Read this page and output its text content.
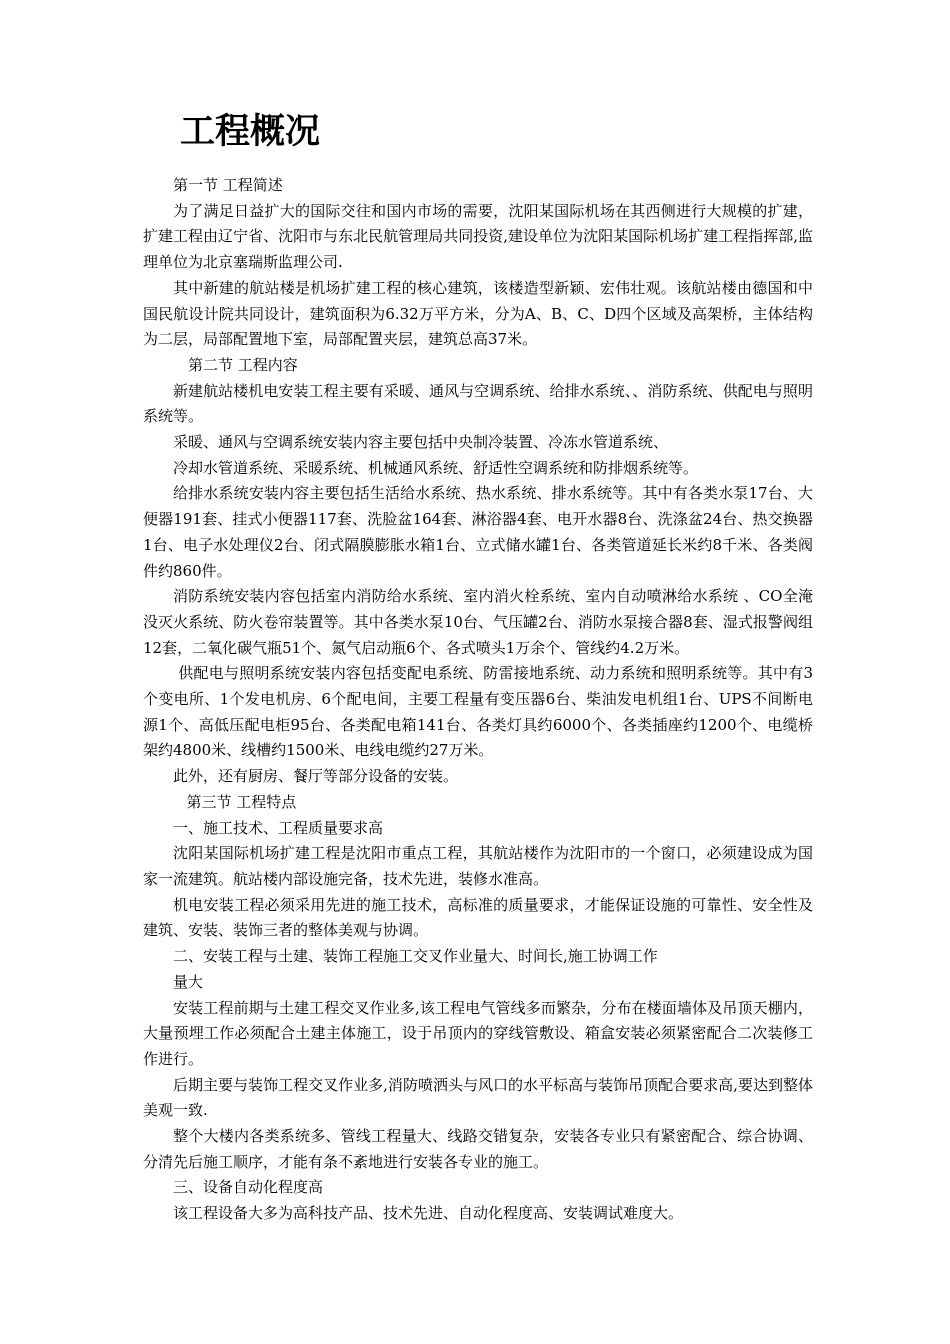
工程概况

第一节 工程简述

为了满足日益扩大的国际交往和国内市场的需要，沈阳某国际机场在其西侧进行大规模的扩建，扩建工程由辽宁省、沈阳市与东北民航管理局共同投资,建设单位为沈阳某国际机场扩建工程指挥部,监理单位为北京塞瑞斯监理公司.

其中新建的航站楼是机场扩建工程的核心建筑，该楼造型新颖、宏伟壮观。该航站楼由德国和中国民航设计院共同设计，建筑面积为6.32万平方米，分为A、B、C、D四个区域及高架桥，主体结构为二层，局部配置地下室，局部配置夹层，建筑总高37米。

第二节 工程内容

新建航站楼机电安装工程主要有采暖、通风与空调系统、给排水系统、、消防系统、供配电与照明系统等。

采暖、通风与空调系统安装内容主要包括中央制冷装置、冷冻水管道系统、

冷却水管道系统、采暖系统、机械通风系统、舒适性空调系统和防排烟系统等。

给排水系统安装内容主要包括生活给水系统、热水系统、排水系统等。其中有各类水泵17台、大便器191套、挂式小便器117套、洗脸盆164套、淋浴器4套、电开水器8台、洗涤盆24台、热交换器1台、电子水处理仪2台、闭式隔膜膨胀水箱1台、立式储水罐1台、各类管道延长米约8千米、各类阀件约860件。

消防系统安装内容包括室内消防给水系统、室内消火栓系统、室内自动喷淋给水系统 、CO全淹没灭火系统、防火卷帘装置等。其中各类水泵10台、气压罐2台、消防水泵接合器8套、湿式报警阀组12套，二氧化碳气瓶51个、氮气启动瓶6个、各式喷头1万余个、管线约4.2万米。

供配电与照明系统安装内容包括变配电系统、防雷接地系统、动力系统和照明系统等。其中有3个变电所、1个发电机房、6个配电间，主要工程量有变压器6台、柴油发电机组1台、UPS不间断电源1个、高低压配电柜95台、各类配电箱141台、各类灯具约6000个、各类插座约1200个、电缆桥架约4800米、线槽约1500米、电线电缆约27万米。

此外，还有厨房、餐厅等部分设备的安装。

第三节 工程特点

一、施工技术、工程质量要求高

沈阳某国际机场扩建工程是沈阳市重点工程，其航站楼作为沈阳市的一个窗口，必须建设成为国家一流建筑。航站楼内部设施完备，技术先进，装修水准高。

机电安装工程必须采用先进的施工技术，高标准的质量要求，才能保证设施的可靠性、安全性及建筑、安装、装饰三者的整体美观与协调。

二、安装工程与土建、装饰工程施工交叉作业量大、时间长,施工协调工作

量大

安装工程前期与土建工程交叉作业多,该工程电气管线多而繁杂，分布在楼面墙体及吊顶天棚内，大量预埋工作必须配合土建主体施工，设于吊顶内的穿线管敷设、箱盒安装必须紧密配合二次装修工作进行。

后期主要与装饰工程交叉作业多,消防喷洒头与风口的水平标高与装饰吊顶配合要求高,要达到整体美观一致.

整个大楼内各类系统多、管线工程量大、线路交错复杂，安装各专业只有紧密配合、综合协调、分清先后施工顺序，才能有条不紊地进行安装各专业的施工。

三、设备自动化程度高

该工程设备大多为高科技产品、技术先进、自动化程度高、安装调试难度大。
